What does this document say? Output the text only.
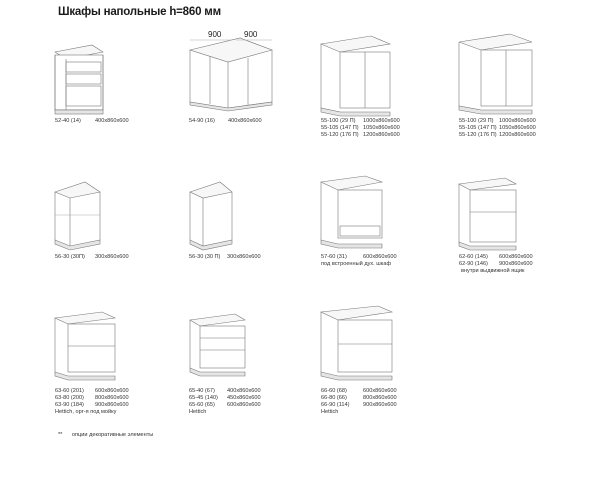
Шкафы напольные h=860 мм
900	900
52-40 (14)	400x860x600	54-90 (16) 400x860x600	55-100 (29 П) 1000x860x600
55-105 (147 П) 1050x860x600
55-120 (176 П) 1200x860x600
55-100 (29 П) 1000x860x600
55-105 (147 П) 1050x860x600
55-120 (176 П) 1200x860x600
56-30 (30П) 300x860x600	56-30 (30 П) 300x860x600	57-60 (31)	600x860x600
под встроенный дух. шкаф
62-60 (145) 600x860x600
62-90 (146) 900x860x600
внутри выдвижной ящик
63-60 (201) 600x860x600
63-80 (200) 800x860x600
63-90 (184) 900x860x600
Hettich, орг-я под мойку
65-40 (67) 400x860x600
65-45 (140) 450x860x600
65-60 (65) 600x860x600
Hettich
66-60 (68)	600x860x600
66-80 (66)	800x860x600
66-90 (114) 900x860x600
Hettich
** опции декоративные элементы
